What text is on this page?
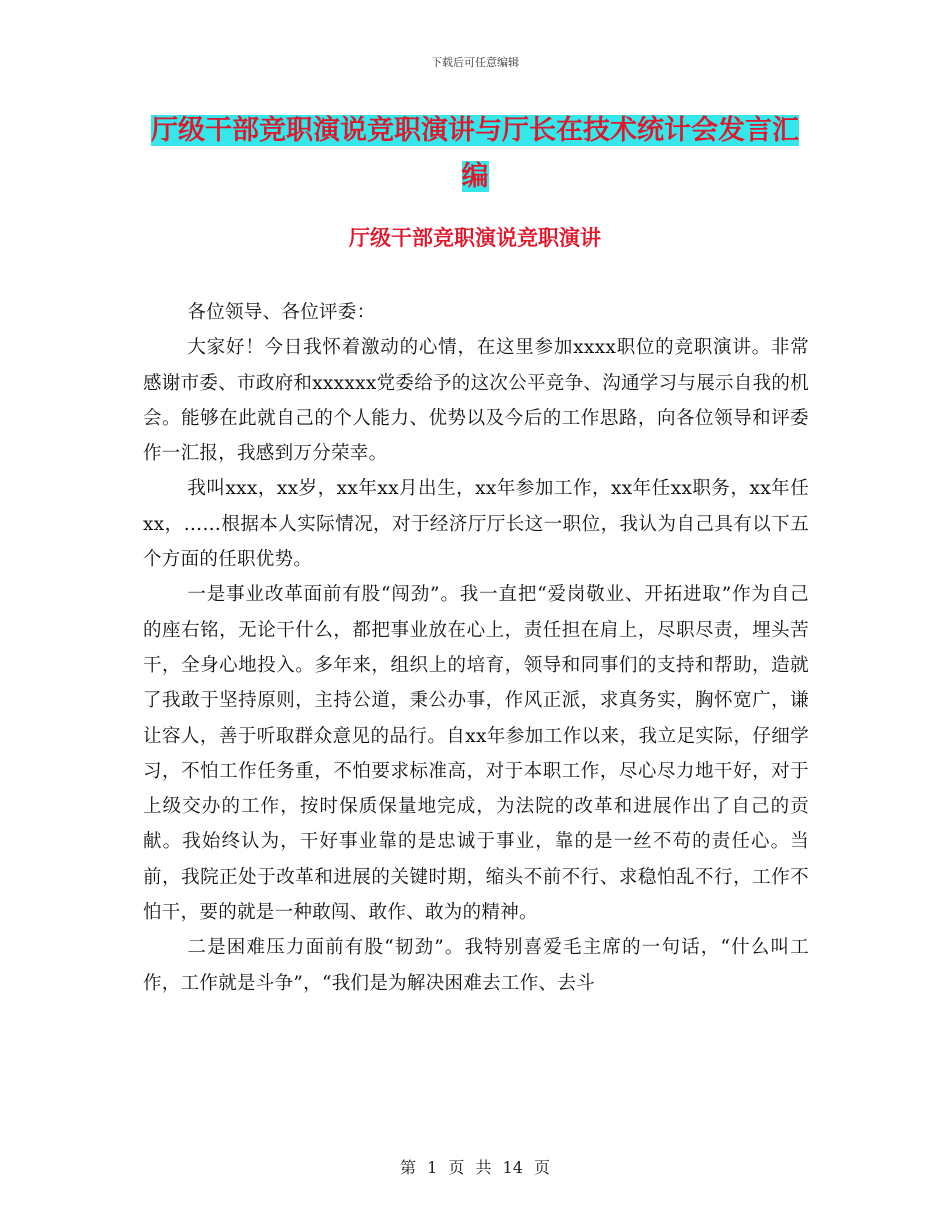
下载后可任意编辑
厅级干部竞职演说竞职演讲与厅长在技术统计会发言汇编
厅级干部竞职演说竞职演讲

各位领导、各位评委：

大家好！今日我怀着激动的心情，在这里参加xxxx职位的竞职演讲。非常感谢市委、市政府和xxxxxx党委给予的这次公平竞争、沟通学习与展示自我的机会。能够在此就自己的个人能力、优势以及今后的工作思路，向各位领导和评委作一汇报，我感到万分荣幸。

我叫xxx，xx岁，xx年xx月出生，xx年参加工作，xx年任xx职务，xx年任xx，……根据本人实际情况，对于经济厅厅长这一职位，我认为自己具有以下五个方面的任职优势。

一是事业改革面前有股“闯劲”。我一直把“爱岗敬业、开拓进取”作为自己的座右铭，无论干什么，都把事业放在心上，责任担在肩上，尽职尽责，埋头苦干，全身心地投入。多年来，组织上的培育，领导和同事们的支持和帮助，造就了我敢于坚持原则，主持公道，秉公办事，作风正派，求真务实，胸怀宽广，谦让容人，善于听取群众意见的品行。自xx年参加工作以来，我立足实际，仔细学习，不怕工作任务重，不怕要求标准高，对于本职工作，尽心尽力地干好，对于上级交办的工作，按时保质保量地完成，为法院的改革和进展作出了自己的贡献。我始终认为，干好事业靠的是忠诚于事业，靠的是一丝不苟的责任心。当前，我院正处于改革和进展的关键时期，缩头不前不行、求稳怕乱不行，工作不怕干，要的就是一种敢闯、敢作、敢为的精神。

二是困难压力面前有股“韧劲”。我特别喜爱毛主席的一句话，“什么叫工作，工作就是斗争”，“我们是为解决困难去工作、去斗

第 1 页 共 14 页
